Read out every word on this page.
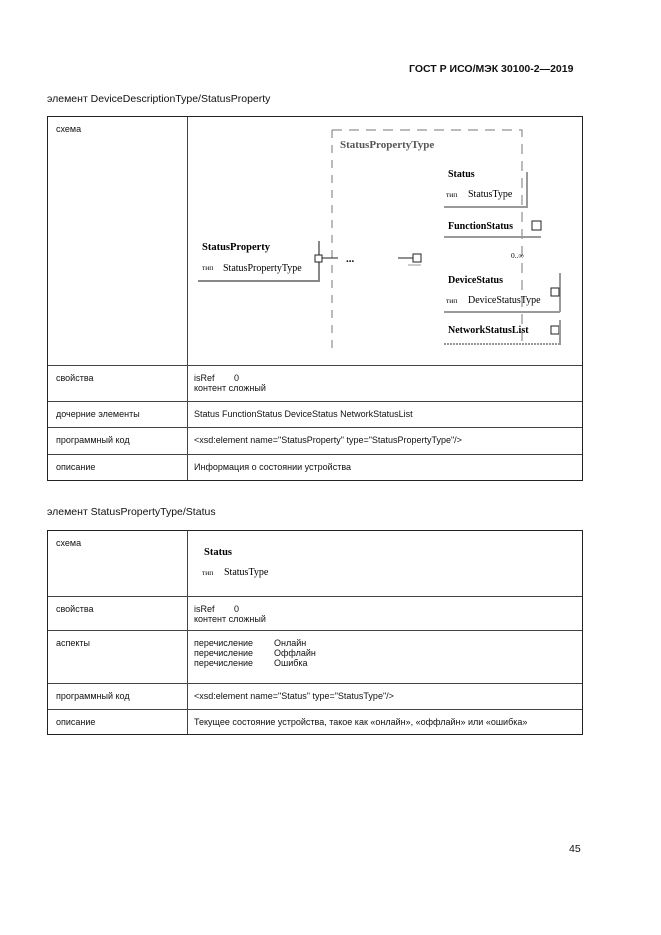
ГОСТ Р ИСО/МЭК 30100-2—2019
элемент DeviceDescriptionType/StatusProperty
схема
StatusPropertyType
StatusProperty
тип StatusPropertyType
...
Status
тип StatusType
FunctionStatus
0..∞
DeviceStatus
тип DeviceStatusType
NetworkStatusList
свойства	isRef 0
контент сложный
дочерние элементы	Status FunctionStatus DeviceStatus NetworkStatusList
программный код	<xsd:element name="StatusProperty" type="StatusPropertyType"/>
описание	Информация о состоянии устройства
элемент StatusPropertyType/Status
схема
Status
тип StatusType
свойства	isRef 0
контент сложный
аспекты	перечисление Онлайн
перечисление Оффлайн
перечисление Ошибка
программный код	<xsd:element name="Status" type="StatusType"/>
описание	Текущее состояние устройства, такое как «онлайн», «оффлайн» или «ошибка»
45
